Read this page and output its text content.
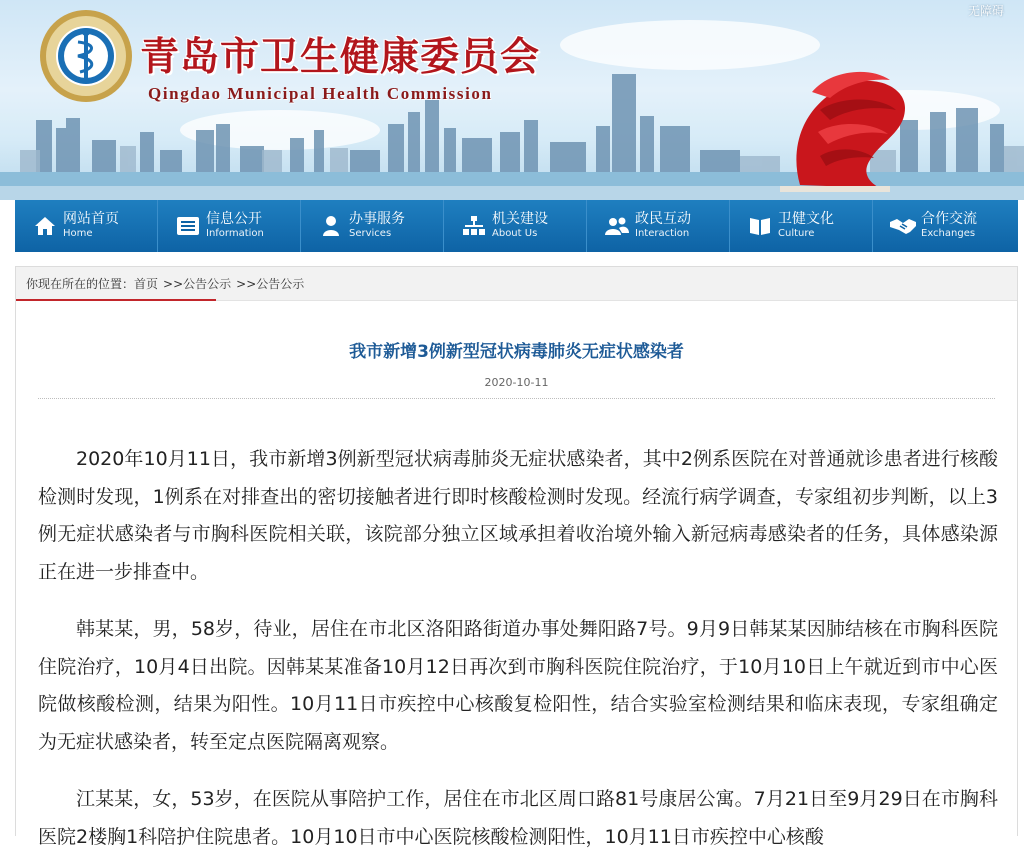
无障碍
青岛市卫生健康委员会
Qingdao Municipal Health Commission
网站首页
Home
信息公开
Information
办事服务
Services
机关建设
About Us
政民互动
Interaction
卫健文化
Culture
合作交流
Exchanges
你现在所在的位置：首页 >>公告公示 >>公告公示
我市新增3例新型冠状病毒肺炎无症状感染者
2020-10-11

2020年10月11日，我市新增3例新型冠状病毒肺炎无症状感染者，其中2例系医院在对普通就诊患者进行核酸检测时发现，1例系在对排查出的密切接触者进行即时核酸检测时发现。经流行病学调查，专家组初步判断，以上3例无症状感染者与市胸科医院相关联，该院部分独立区域承担着收治境外输入新冠病毒感染者的任务，具体感染源正在进一步排查中。

韩某某，男，58岁，待业，居住在市北区洛阳路街道办事处舞阳路7号。9月9日韩某某因肺结核在市胸科医院住院治疗，10月4日出院。因韩某某准备10月12日再次到市胸科医院住院治疗，于10月10日上午就近到市中心医院做核酸检测，结果为阳性。10月11日市疾控中心核酸复检阳性，结合实验室检测结果和临床表现，专家组确定为无症状感染者，转至定点医院隔离观察。

江某某，女，53岁，在医院从事陪护工作，居住在市北区周口路81号康居公寓。7月21日至9月29日在市胸科医院2楼胸1科陪护住院患者。10月10日市中心医院核酸检测阳性，10月11日市疾控中心核酸
